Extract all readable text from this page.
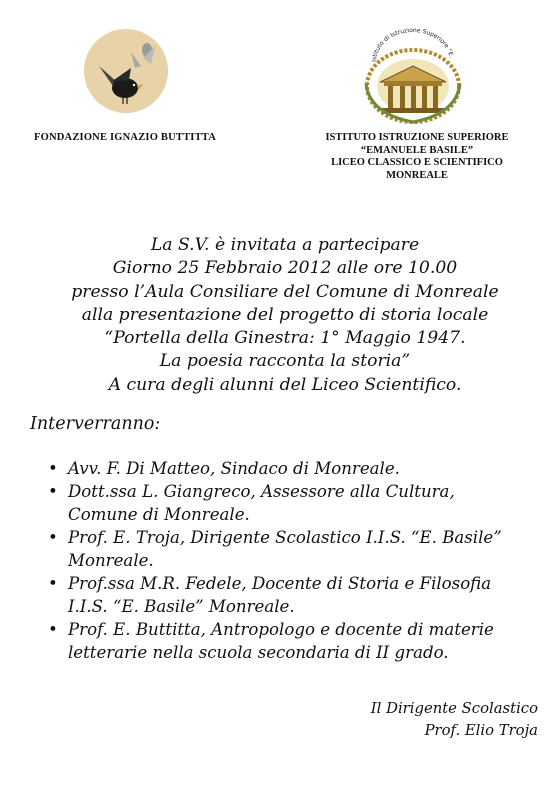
Istituto di Istruzione Superiore "E.
FONDAZIONE IGNAZIO BUTTITTA	ISTITUTO ISTRUZIONE SUPERIORE
“EMANUELE BASILE”
LICEO CLASSICO E SCIENTIFICO
MONREALE
La S.V. è invitata a partecipare
Giorno 25 Febbraio 2012 alle ore 10.00
presso l’Aula Consiliare del Comune di Monreale
alla presentazione del progetto di storia locale
“Portella della Ginestra: 1° Maggio 1947.
La poesia racconta la storia”
A cura degli alunni del Liceo Scientifico.
Interverranno:
• Avv. F. Di Matteo, Sindaco di Monreale.
• Dott.ssa L. Giangreco, Assessore alla Cultura,
Comune di Monreale.
• Prof. E. Troja, Dirigente Scolastico I.I.S. “E. Basile”
Monreale.
• Prof.ssa M.R. Fedele, Docente di Storia e Filosofia
I.I.S. “E. Basile” Monreale.
• Prof. E. Buttitta, Antropologo e docente di materie
letterarie nella scuola secondaria di II grado.
Il Dirigente Scolastico
Prof. Elio Troja
